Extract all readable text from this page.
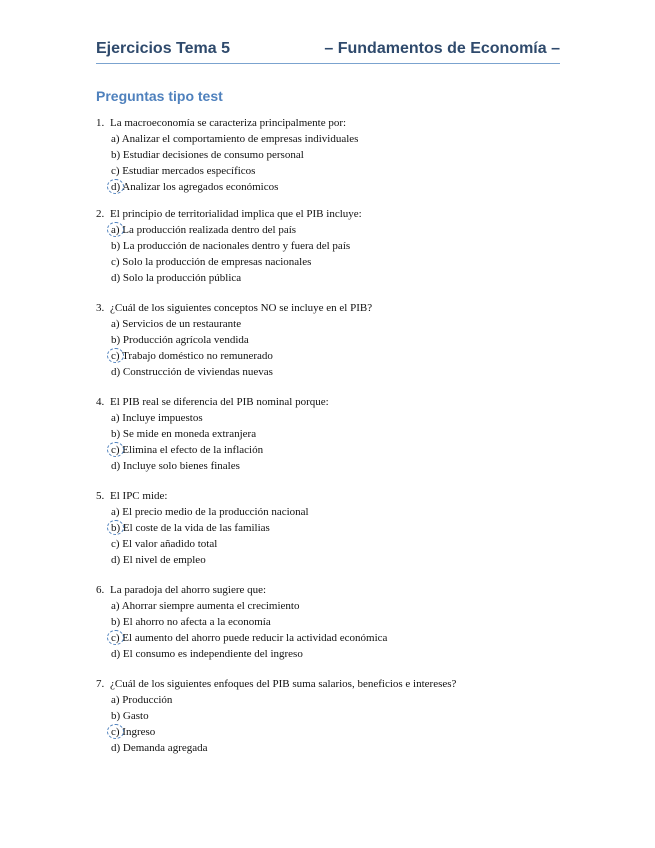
Ejercicios Tema 5	– Fundamentos de Economía –
Preguntas tipo test
1. La macroeconomía se caracteriza principalmente por:
a) Analizar el comportamiento de empresas individuales
b) Estudiar decisiones de consumo personal
c) Estudiar mercados específicos
d) Analizar los agregados económicos
2. El principio de territorialidad implica que el PIB incluye:
a) La producción realizada dentro del país
b) La producción de nacionales dentro y fuera del país
c) Solo la producción de empresas nacionales
d) Solo la producción pública
3. ¿Cuál de los siguientes conceptos NO se incluye en el PIB?
a) Servicios de un restaurante
b) Producción agrícola vendida
c) Trabajo doméstico no remunerado
d) Construcción de viviendas nuevas
4. El PIB real se diferencia del PIB nominal porque:
a) Incluye impuestos
b) Se mide en moneda extranjera
c) Elimina el efecto de la inflación
d) Incluye solo bienes finales
5. El IPC mide:
a) El precio medio de la producción nacional
b) El coste de la vida de las familias
c) El valor añadido total
d) El nivel de empleo
6. La paradoja del ahorro sugiere que:
a) Ahorrar siempre aumenta el crecimiento
b) El ahorro no afecta a la economía
c) El aumento del ahorro puede reducir la actividad económica
d) El consumo es independiente del ingreso
7. ¿Cuál de los siguientes enfoques del PIB suma salarios, beneficios e intereses?
a) Producción
b) Gasto
c) Ingreso
d) Demanda agregada
